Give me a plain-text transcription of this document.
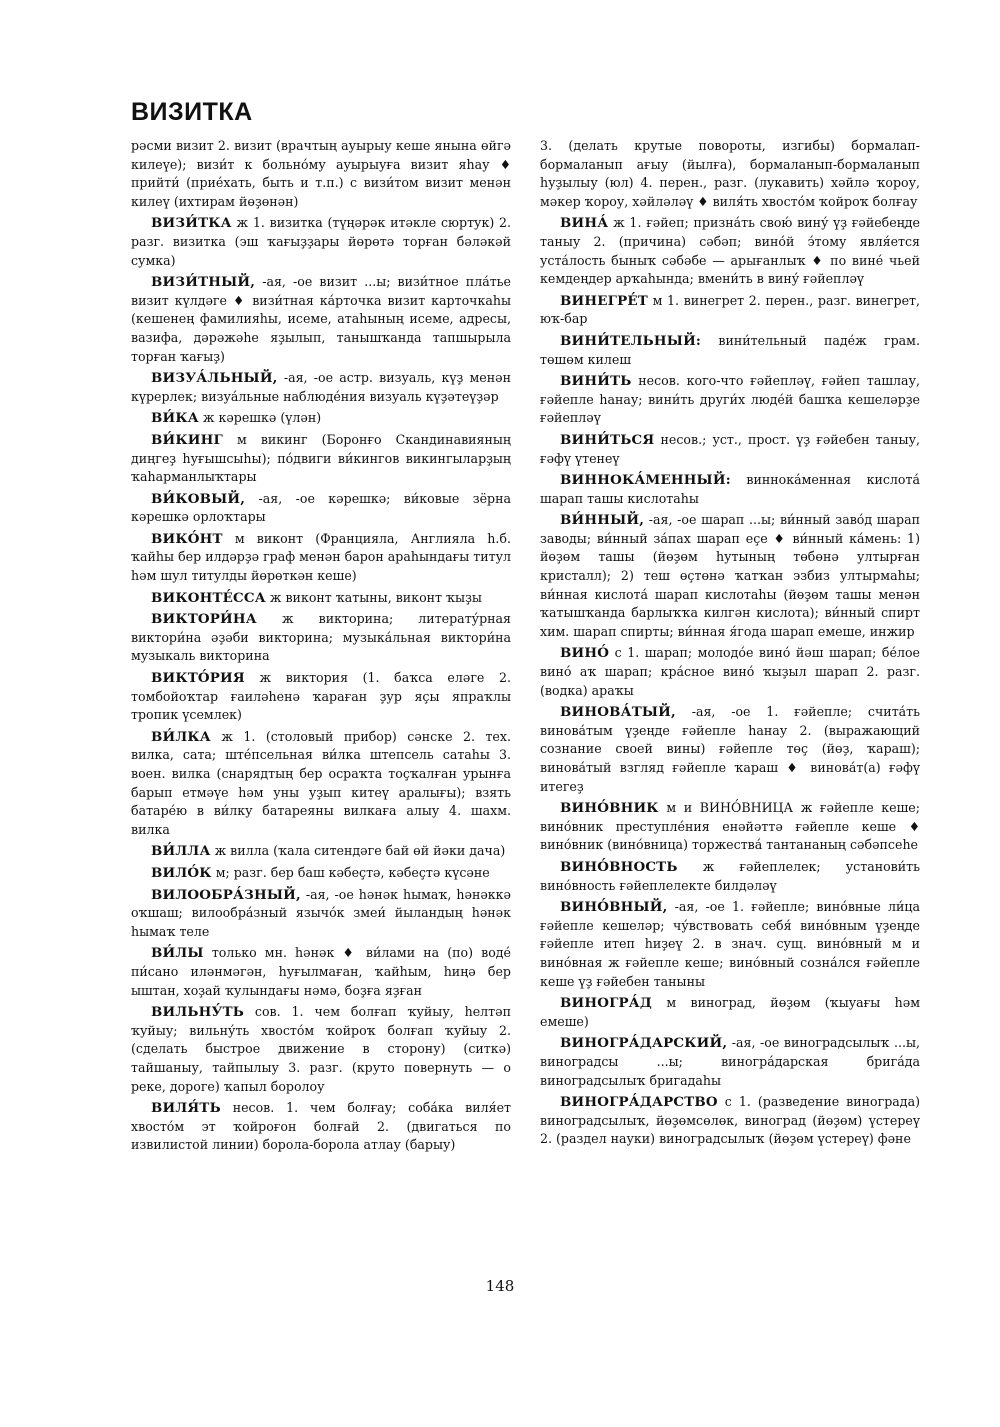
ВИЗИТКА

рәсми визит 2. визит (врачтың ауырыу кеше янына өйгә килеүе); визи́т к больно́му ауырыуға визит яһау ♦ прийти́ (прие́хать, быть и т.п.) с визи́том визит менән килеү (ихтирам йөҙөнән)

ВИЗИ́ТКА ж 1. визитка (түңәрәк итәкле сюртук) 2. разг. визитка (эш ҡағыҙҙары йөрөтә торған бәләкәй сумка)

ВИЗИ́ТНЫЙ, -ая, -ое визит ...ы; визи́тное пла́тье визит күлдәге ♦ визи́тная ка́рточка визит карточкаһы (кешенең фамилияһы, исеме, атаһының исеме, адресы, вазифа, дәрәжәһе яҙылып, танышҡанда тапшырыла торған ҡағыҙ)

ВИЗУА́ЛЬНЫЙ, -ая, -ое астр. визуаль, күҙ менән күрерлек; визуа́льные наблюде́ния визуаль күҙәтеүҙәр

ВИ́КА ж кәрешкә (үлән)

ВИ́КИНГ м викинг (Боронғо Скандинавияның диңгеҙ һуғышсыһы); по́двиги ви́кингов викингыларҙың ҡаһарманлыҡтары

ВИ́КОВЫЙ, -ая, -ое кәрешкә; ви́ковые зёрна кәрешкә орлоҡтары

ВИКО́НТ м виконт (Францияла, Англияла һ.б. ҡайһы бер илдәрҙә граф менән барон араһындағы титул һәм шул титулды йөрөткән кеше)

ВИКОНТЕ́ССА ж виконт ҡатыны, виконт ҡыҙы

ВИКТОРИ́НА ж викторина; литерату́рная виктори́на әҙәби викторина; музыка́льная виктори́на музыкаль викторина

ВИКТО́РИЯ ж виктория (1. баҡса еләге 2. томбойоҡтар ғаиләһенә ҡараған ҙур яҫы япраҡлы тропик үсемлек)

ВИ́ЛКА ж 1. (столовый прибор) сәнске 2. тех. вилка, сата; ште́псельная ви́лка штепсель сатаһы 3. воен. вилка (снарядтың бер осраҡта тоҫҡалған урынға барып етмәүе һәм уны уҙып китеү аралығы); взять батаре́ю в ви́лку батареяны вилкаға алыу 4. шахм. вилка

ВИ́ЛЛА ж вилла (ҡала ситендәге бай өй йәки дача)

ВИЛО́К м; разг. бер баш кәбеҫтә, кәбеҫтә күсәне

ВИЛООБРА́ЗНЫЙ, -ая, -ое һәнәк һымаҡ, һәнәккә оҡшаш; вилообра́зный язычо́к змеи́ йыландың һәнәк һымаҡ теле

ВИ́ЛЫ только мн. һәнәк ♦ ви́лами на (по) воде́ пи́сано иләнмәгән, һуғылмаған, ҡайһым, һиңә бер ыштан, хоҙай ҡулындағы нәмә, боҙға яҙған

ВИЛЬНУ́ТЬ сов. 1. чем болғап ҡуйыу, һелтәп ҡуйыу; вильну́ть хвосто́м ҡойроҡ болғап ҡуйыу 2. (сделать быстрое движение в сторону) (ситкә) тайшаныу, тайпылыу 3. разг. (круто повернуть — о реке, дороге) ҡапыл боролоу

ВИЛЯ́ТЬ несов. 1. чем болғау; соба́ка виля́ет хвосто́м эт ҡойроғон болғай 2. (двигаться по извилистой линии) борола-борола атлау (барыу)

3. (делать крутые повороты, изгибы) бормалап-бормаланып ағыу (йылға), бормаланып-бормаланып һуҙылыу (юл) 4. перен., разг. (лукавить) хәйлә ҡороу, мәкер ҡороу, хәйләләү ♦ виля́ть хвосто́м ҡойроҡ болғау

ВИНА́ ж 1. ғәйеп; призна́ть свою́ вину́ үҙ ғәйебеңде таныу 2. (причина) сәбәп; вино́й э́тому явля́ется уста́лость быныҡ сәбәбе — арығанлыҡ ♦ по вине́ чьей кемдеңдер арҡаһында; вмени́ть в вину́ ғәйепләү

ВИНЕГРЕ́Т м 1. винегрет 2. перен., разг. винегрет, юҡ-бар

ВИНИ́ТЕЛЬНЫЙ: вини́тельный паде́ж грам. төшөм килеш

ВИНИ́ТЬ несов. кого-что ғәйепләү, ғәйеп ташлау, ғәйепле һанау; вини́ть други́х люде́й башҡа кешеләрҙе ғәйепләү

ВИНИ́ТЬСЯ несов.; уст., прост. үҙ ғәйебен таныу, ғәфү үтенеү

ВИННОКА́МЕННЫЙ: виннока́менная кислота́ шарап ташы кислотаһы

ВИ́ННЫЙ, -ая, -ое шарап ...ы; ви́нный заво́д шарап заводы; ви́нный за́пах шарап еҫе ♦ ви́нный ка́мень: 1) йөҙөм ташы (йөҙөм һутының төбөнә ултырған кристалл); 2) теш өҫтөнә ҡатҡан эзбиз ултырмаһы; ви́нная кислота́ шарап кислотаһы (йөҙөм ташы менән ҡатышҡанда барлыҡҡа килгән кислота); ви́нный спирт хим. шарап спирты; ви́нная я́года шарап емеше, инжир

ВИНО́ с 1. шарап; молодо́е вино́ йәш шарап; бе́лое вино́ аҡ шарап; кра́сное вино́ ҡыҙыл шарап 2. разг. (водка) араҡы

ВИНОВА́ТЫЙ, -ая, -ое 1. ғәйепле; счита́ть винова́тым үҙеңде ғәйепле һанау 2. (выражающий сознание своей вины) ғәйепле төҫ (йөҙ, ҡараш); винова́тый взгляд ғәйепле ҡараш ♦ винова́т(а) ғәфү итегеҙ

ВИНО́ВНИК м и ВИНО́ВНИЦА ж ғәйепле кеше; вино́вник преступле́ния енәйәттә ғәйепле кеше ♦ вино́вник (вино́вница) торжества́ тантананың сәбәпсеһе

ВИНО́ВНОСТЬ ж ғәйеплелек; установи́ть вино́вность ғәйеплелекте билдәләү

ВИНО́ВНЫЙ, -ая, -ое 1. ғәйепле; вино́вные ли́ца ғәйепле кешеләр; чу́вствовать себя́ вино́вным үҙеңде ғәйепле итеп һиҙеү 2. в знач. сущ. вино́вный м и вино́вная ж ғәйепле кеше; вино́вный созна́лся ғәйепле кеше үҙ ғәйебен таныны

ВИНОГРА́Д м виноград, йөҙөм (ҡыуағы һәм емеше)

ВИНОГРА́ДАРСКИЙ, -ая, -ое виноградсылыҡ ...ы, виноградсы ...ы; виногра́дарская брига́да виноградсылыҡ бригадаһы

ВИНОГРА́ДАРСТВО с 1. (разведение винограда) виноградсылыҡ, йөҙөмсөлөк, виноград (йөҙөм) үстереү 2. (раздел науки) виноградсылыҡ (йөҙөм үстереү) фәне

148
